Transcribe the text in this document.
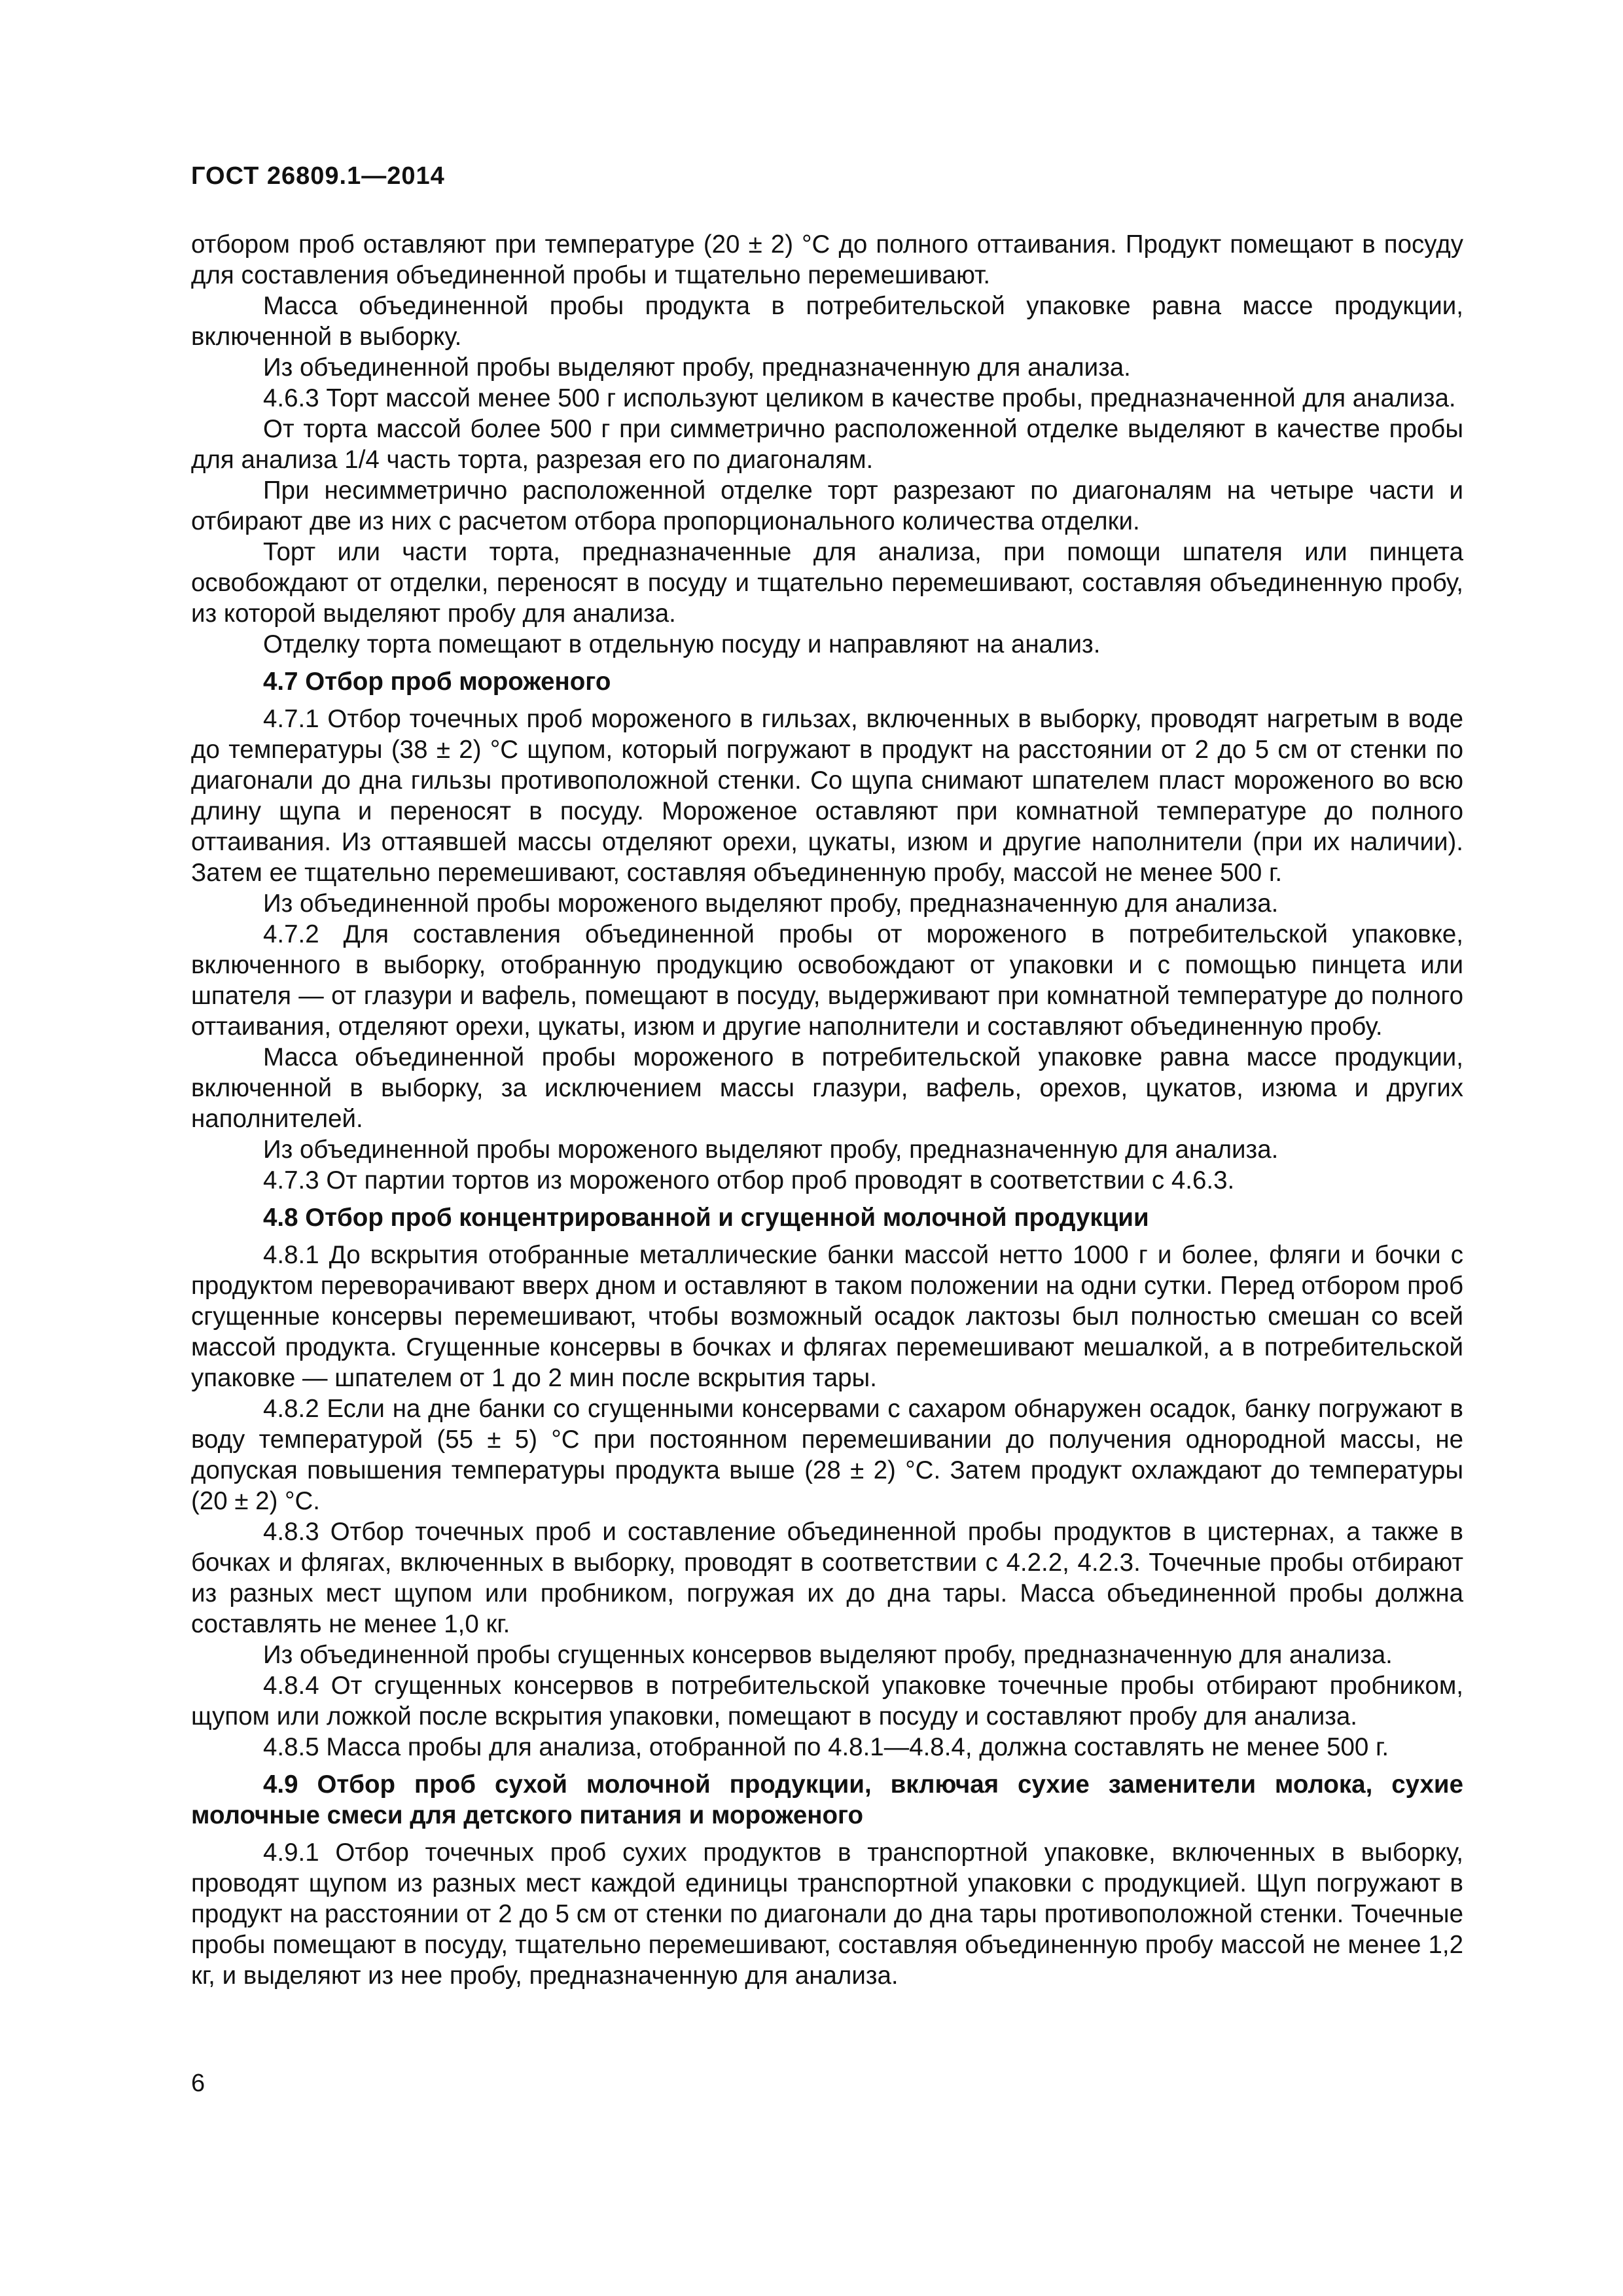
ГОСТ 26809.1—2014

отбором проб оставляют при температуре (20 ± 2) °С до полного оттаивания. Продукт помещают в посуду для составления объединенной пробы и тщательно перемешивают.

Масса объединенной пробы продукта в потребительской упаковке равна массе продукции, включенной в выборку.

Из объединенной пробы выделяют пробу, предназначенную для анализа.

4.6.3 Торт массой менее 500 г используют целиком в качестве пробы, предназначенной для анализа.

От торта массой более 500 г при симметрично расположенной отделке выделяют в качестве пробы для анализа 1/4 часть торта, разрезая его по диагоналям.

При несимметрично расположенной отделке торт разрезают по диагоналям на четыре части и отбирают две из них с расчетом отбора пропорционального количества отделки.

Торт или части торта, предназначенные для анализа, при помощи шпателя или пинцета освобождают от отделки, переносят в посуду и тщательно перемешивают, составляя объединенную пробу, из которой выделяют пробу для анализа.

Отделку торта помещают в отдельную посуду и направляют на анализ.

4.7 Отбор проб мороженого

4.7.1 Отбор точечных проб мороженого в гильзах, включенных в выборку, проводят нагретым в воде до температуры (38 ± 2) °С щупом, который погружают в продукт на расстоянии от 2 до 5 см от стенки по диагонали до дна гильзы противоположной стенки. Со щупа снимают шпателем пласт мороженого во всю длину щупа и переносят в посуду. Мороженое оставляют при комнатной температуре до полного оттаивания. Из оттаявшей массы отделяют орехи, цукаты, изюм и другие наполнители (при их наличии). Затем ее тщательно перемешивают, составляя объединенную пробу, массой не менее 500 г.

Из объединенной пробы мороженого выделяют пробу, предназначенную для анализа.

4.7.2 Для составления объединенной пробы от мороженого в потребительской упаковке, включенного в выборку, отобранную продукцию освобождают от упаковки и с помощью пинцета или шпателя — от глазури и вафель, помещают в посуду, выдерживают при комнатной температуре до полного оттаивания, отделяют орехи, цукаты, изюм и другие наполнители и составляют объединенную пробу.

Масса объединенной пробы мороженого в потребительской упаковке равна массе продукции, включенной в выборку, за исключением массы глазури, вафель, орехов, цукатов, изюма и других наполнителей.

Из объединенной пробы мороженого выделяют пробу, предназначенную для анализа.

4.7.3 От партии тортов из мороженого отбор проб проводят в соответствии с 4.6.3.

4.8 Отбор проб концентрированной и сгущенной молочной продукции

4.8.1 До вскрытия отобранные металлические банки массой нетто 1000 г и более, фляги и бочки с продуктом переворачивают вверх дном и оставляют в таком положении на одни сутки. Перед отбором проб сгущенные консервы перемешивают, чтобы возможный осадок лактозы был полностью смешан со всей массой продукта. Сгущенные консервы в бочках и флягах перемешивают мешалкой, а в потребительской упаковке — шпателем от 1 до 2 мин после вскрытия тары.

4.8.2 Если на дне банки со сгущенными консервами с сахаром обнаружен осадок, банку погружают в воду температурой (55 ± 5) °С при постоянном перемешивании до получения однородной массы, не допуская повышения температуры продукта выше (28 ± 2) °С. Затем продукт охлаждают до температуры (20 ± 2) °С.

4.8.3 Отбор точечных проб и составление объединенной пробы продуктов в цистернах, а также в бочках и флягах, включенных в выборку, проводят в соответствии с 4.2.2, 4.2.3. Точечные пробы отбирают из разных мест щупом или пробником, погружая их до дна тары. Масса объединенной пробы должна составлять не менее 1,0 кг.

Из объединенной пробы сгущенных консервов выделяют пробу, предназначенную для анализа.

4.8.4 От сгущенных консервов в потребительской упаковке точечные пробы отбирают пробником, щупом или ложкой после вскрытия упаковки, помещают в посуду и составляют пробу для анализа.

4.8.5 Масса пробы для анализа, отобранной по 4.8.1—4.8.4, должна составлять не менее 500 г.

4.9 Отбор проб сухой молочной продукции, включая сухие заменители молока, сухие молочные смеси для детского питания и мороженого

4.9.1 Отбор точечных проб сухих продуктов в транспортной упаковке, включенных в выборку, проводят щупом из разных мест каждой единицы транспортной упаковки с продукцией. Щуп погружают в продукт на расстоянии от 2 до 5 см от стенки по диагонали до дна тары противоположной стенки. Точечные пробы помещают в посуду, тщательно перемешивают, составляя объединенную пробу массой не менее 1,2 кг, и выделяют из нее пробу, предназначенную для анализа.

6
